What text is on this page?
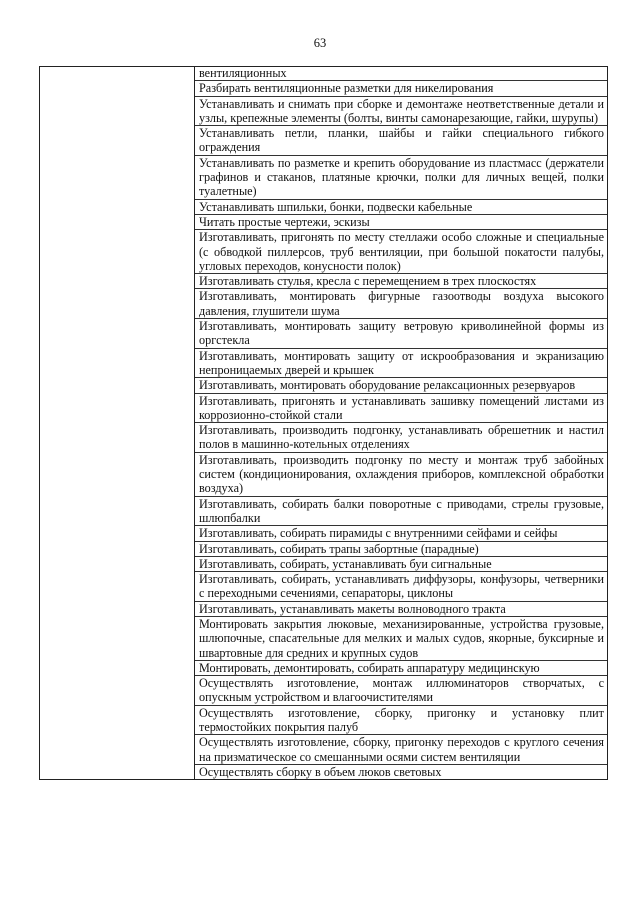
63
вентиляционных
Разбирать вентиляционные разметки для никелирования
Устанавливать и снимать при сборке и демонтаже неответственные детали и узлы, крепежные элементы (болты, винты самонарезающие, гайки, шурупы)
Устанавливать петли, планки, шайбы и гайки специального гибкого ограждения
Устанавливать по разметке и крепить оборудование из пластмасс (держатели графинов и стаканов, платяные крючки, полки для личных вещей, полки туалетные)
Устанавливать шпильки, бонки, подвески кабельные
Читать простые чертежи, эскизы
Изготавливать, пригонять по месту стеллажи особо сложные и специальные (с обводкой пиллерсов, труб вентиляции, при большой покатости палубы, угловых переходов, конусности полок)
Изготавливать стулья, кресла с перемещением в трех плоскостях
Изготавливать, монтировать фигурные газоотводы воздуха высокого давления, глушители шума
Изготавливать, монтировать защиту ветровую криволинейной формы из оргстекла
Изготавливать, монтировать защиту от искрообразования и экранизацию непроницаемых дверей и крышек
Изготавливать, монтировать оборудование релаксационных резервуаров
Изготавливать, пригонять и устанавливать зашивку помещений листами из коррозионно-стойкой стали
Изготавливать, производить подгонку, устанавливать обрешетник и настил полов в машинно-котельных отделениях
Изготавливать, производить подгонку по месту и монтаж труб забойных систем (кондиционирования, охлаждения приборов, комплексной обработки воздуха)
Изготавливать, собирать балки поворотные с приводами, стрелы грузовые, шлюпбалки
Изготавливать, собирать пирамиды с внутренними сейфами и сейфы
Изготавливать, собирать трапы забортные (парадные)
Изготавливать, собирать, устанавливать буи сигнальные
Изготавливать, собирать, устанавливать диффузоры, конфузоры, четверники с переходными сечениями, сепараторы, циклоны
Изготавливать, устанавливать макеты волноводного тракта
Монтировать закрытия люковые, механизированные, устройства грузовые, шлюпочные, спасательные для мелких и малых судов, якорные, буксирные и швартовные для средних и крупных судов
Монтировать, демонтировать, собирать аппаратуру медицинскую
Осуществлять изготовление, монтаж иллюминаторов створчатых, с опускным устройством и влагоочистителями
Осуществлять изготовление, сборку, пригонку и установку плит термостойких покрытия палуб
Осуществлять изготовление, сборку, пригонку переходов с круглого сечения на призматическое со смешанными осями систем вентиляции
Осуществлять сборку в объем люков световых
